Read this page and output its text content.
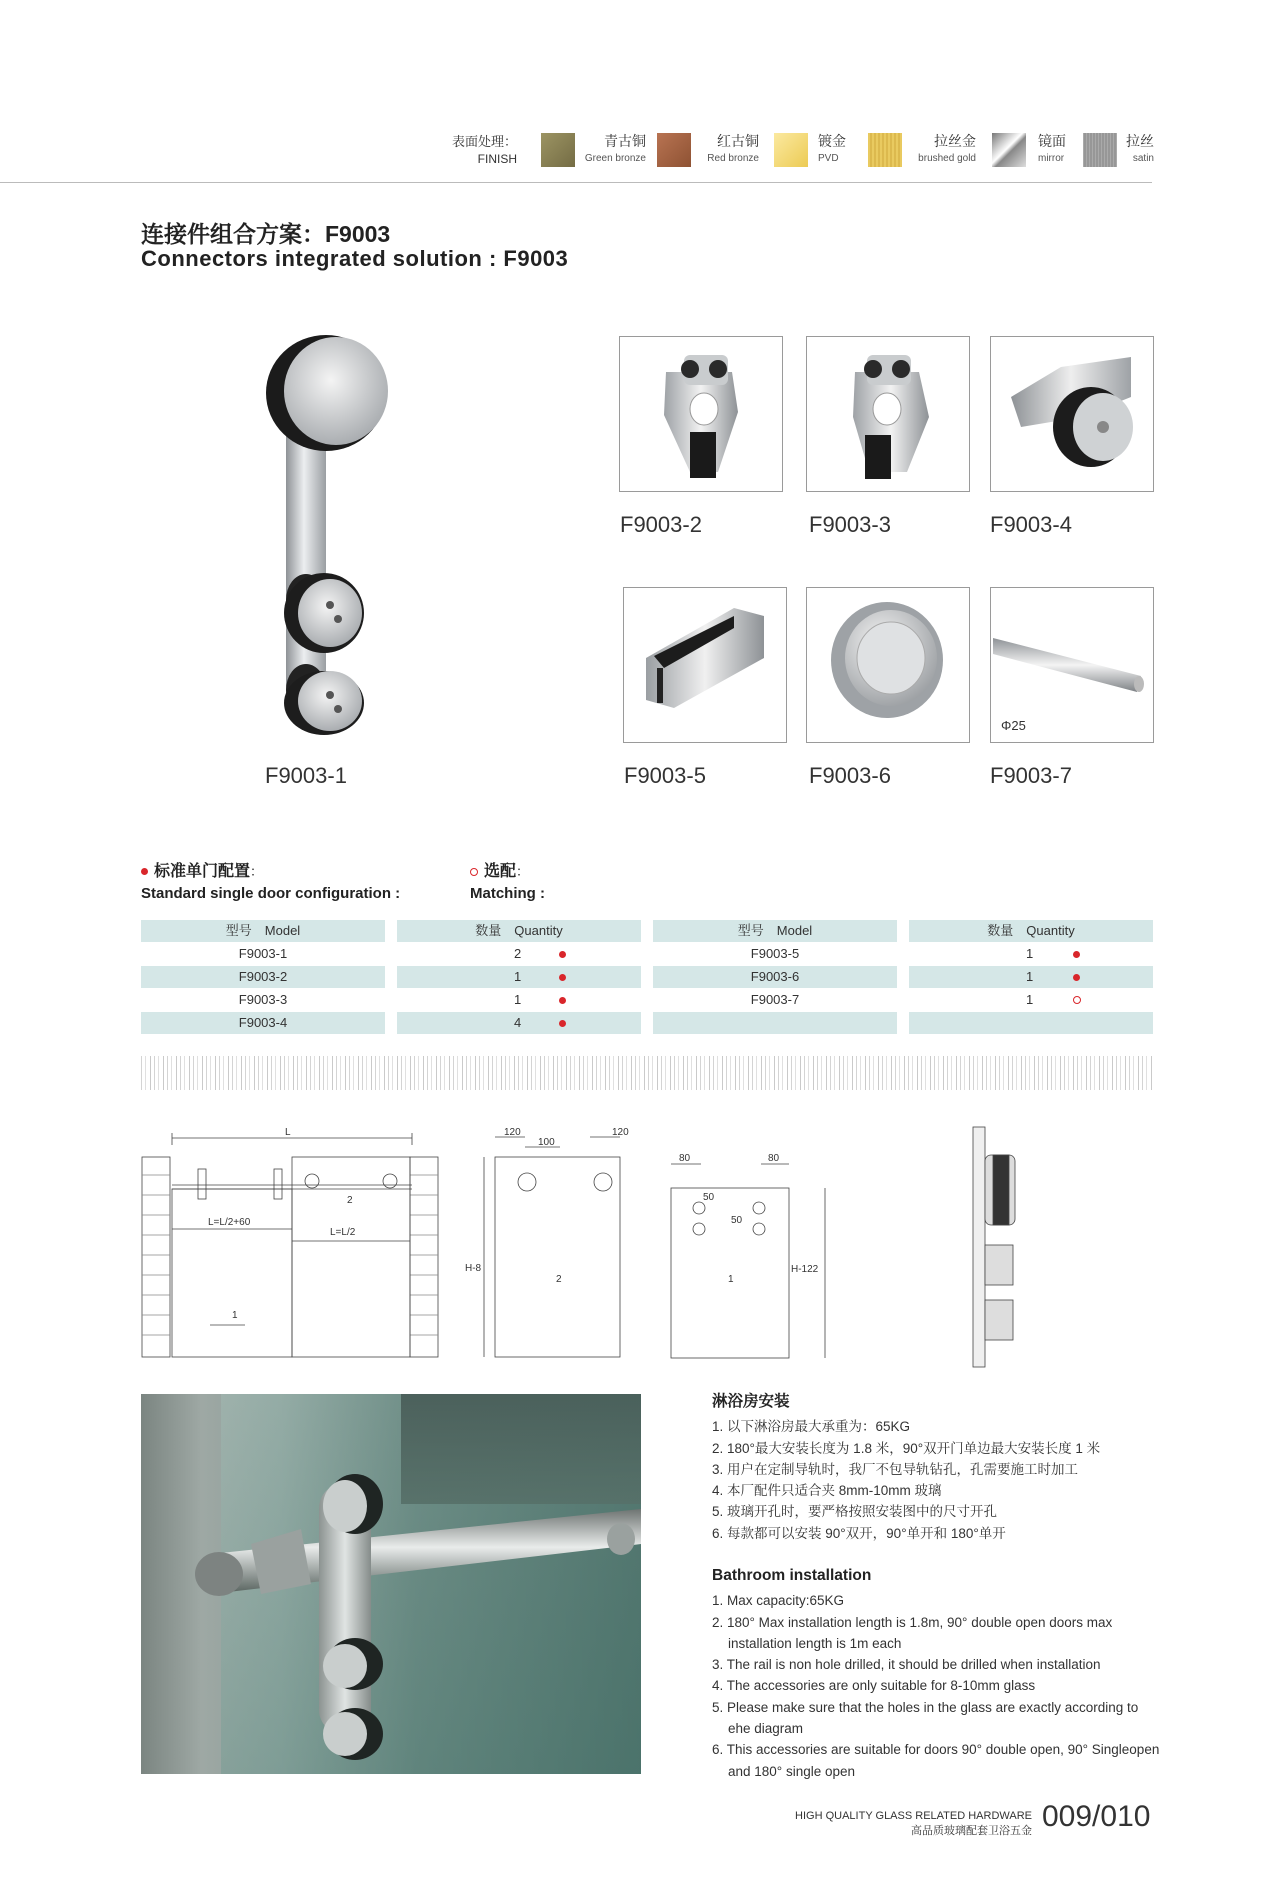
表面处理：
FINISH
青古铜
Green bronze
红古铜
Red bronze
镀金
PVD
拉丝金
brushed gold
镜面
mirror
拉丝
satin
连接件组合方案：F9003
Connectors integrated solution : F9003
F9003-1
F9003-2	F9003-3	F9003-4
F9003-5	F9003-6
Φ25
F9003-7
标准单门配置：
Standard single door configuration :
选配：
Matching :
型号　Model	数量　Quantity	型号　Model	数量　Quantity
F9003-1	2	F9003-5	1
F9003-2	1	F9003-6	1
F9003-3	1	F9003-7	1
F9003-4	4
L
L=L/2
L=L/2+60
2
1
120
100
120
H-8
2
80	80
50
50
H-122
1
淋浴房安装
1. 以下淋浴房最大承重为：65KG
2. 180°最大安装长度为 1.8 米，90°双开门单边最大安装长度 1 米
3. 用户在定制导轨时，我厂不包导轨钻孔，孔需要施工时加工
4. 本厂配件只适合夹 8mm-10mm 玻璃
5. 玻璃开孔时，要严格按照安装图中的尺寸开孔
6. 每款都可以安装 90°双开，90°单开和 180°单开
Bathroom installation
1. Max capacity:65KG
2. 180° Max installation length is 1.8m, 90° double open doors max installation length is 1m each
3. The rail is non hole drilled, it should be drilled when installation
4. The accessories are only suitable for 8-10mm glass
5. Please make sure that the holes in the glass are exactly according to ehe diagram
6. This accessories are suitable for doors 90° double open, 90° Singleopen and 180° single open
HIGH QUALITY GLASS RELATED HARDWARE
高品质玻璃配套卫浴五金 009/010
